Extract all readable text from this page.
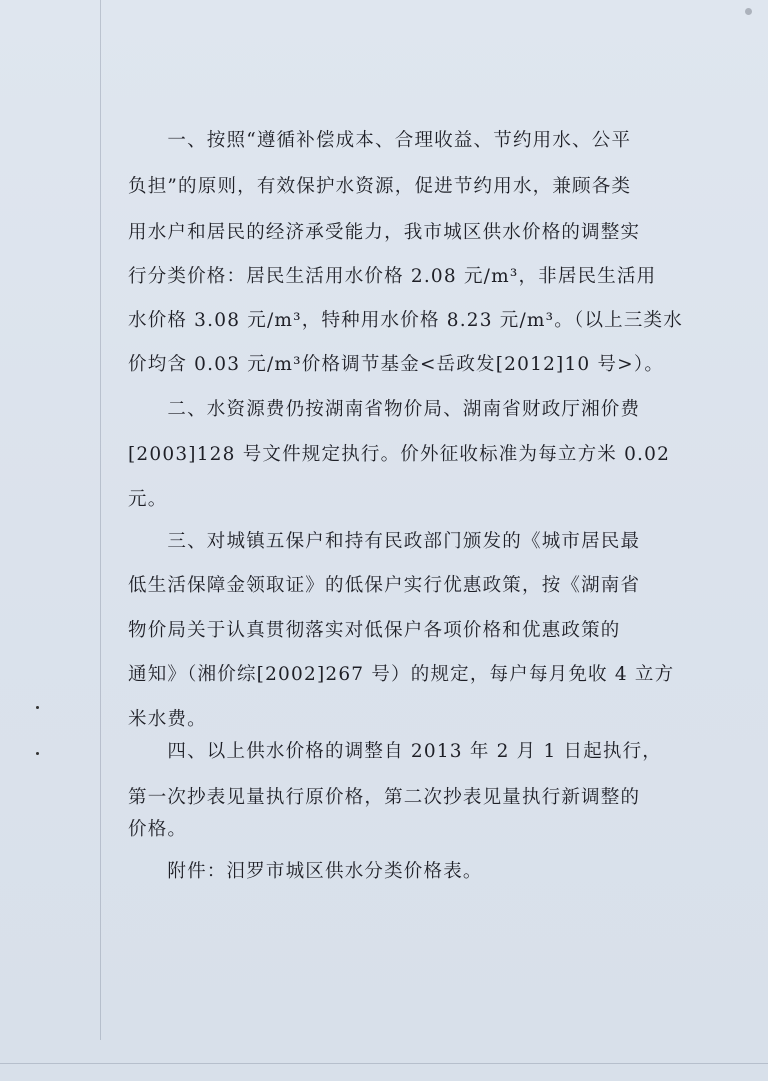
　　一、按照“遵循补偿成本、合理收益、节约用水、公平

负担”的原则，有效保护水资源，促进节约用水，兼顾各类

用水户和居民的经济承受能力，我市城区供水价格的调整实

行分类价格：居民生活用水价格 2.08 元/m³，非居民生活用

水价格 3.08 元/m³，特种用水价格 8.23 元/m³。（以上三类水

价均含 0.03 元/m³价格调节基金<岳政发[2012]10 号>）。

　　二、水资源费仍按湖南省物价局、湖南省财政厅湘价费

[2003]128 号文件规定执行。价外征收标准为每立方米 0.02

元。

　　三、对城镇五保户和持有民政部门颁发的《城市居民最

低生活保障金领取证》的低保户实行优惠政策，按《湖南省

物价局关于认真贯彻落实对低保户各项价格和优惠政策的

通知》（湘价综[2002]267 号）的规定，每户每月免收 4 立方

米水费。

　　四、以上供水价格的调整自 2013 年 2 月 1 日起执行，

第一次抄表见量执行原价格，第二次抄表见量执行新调整的

价格。

　　附件：汨罗市城区供水分类价格表。
